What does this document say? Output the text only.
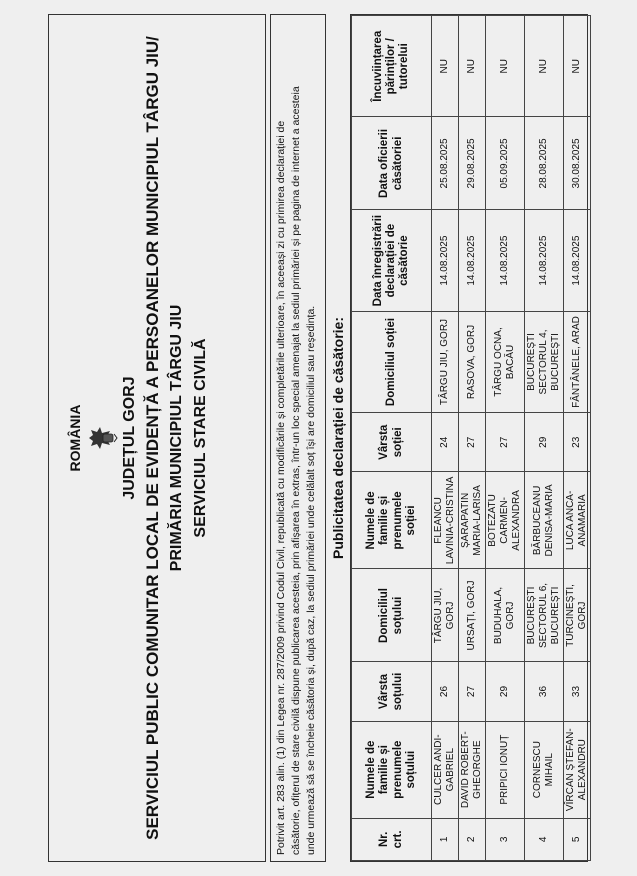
ROMÂNIA JUDEȚUL GORJ SERVICIUL PUBLIC COMUNITAR LOCAL DE EVIDENȚĂ A PERSOANELOR MUNICIPIUL TÂRGU JIU/ PRIMĂRIA MUNICIPIUL TÂRGU JIU SERVICIUL STARE CIVILĂ	Potrivit art. 283 alin. (1) din Legea nr. 287/2009 privind Codul Civil, republicată cu modificările și completările ulterioare, în aceeași zi cu primirea declarației de căsătorie, ofițerul de stare civilă dispune publicarea acesteia, prin afișarea în extras, într-un loc special amenajat la sediul primăriei și pe pagina de internet a acesteia unde urmează să se încheie căsătoria și, după caz, la sediul primăriei unde celălalt soț își are domiciliul sau reședința. Publicitatea declarației de căsătorie:
Nr. crt.	Numele de familie și prenumele soțului	Vârsta soțului	Domiciliul soțului	Numele de familie și prenumele soției	Vârsta soției	Domiciliul soției	Data înregistrării declarației de căsătorie	Data oficierii căsătoriei	Încuviințarea părinților / tutorelui
1	CULCER ANDI-GABRIEL	26	TÂRGU JIU, GORJ	FLEANCU LAVINIA-CRISTINA	24	TÂRGU JIU, GORJ	14.08.2025	25.08.2025	NU
2	DAVID ROBERT-GHEORGHE	27	URSAȚI, GORJ	ȘARAPATIN MARIA-LARISA	27	RASOVA, GORJ	14.08.2025	29.08.2025	NU
3	PRIPICI IONUȚ	29	BUDUHALA, GORJ	BOTEZATU CARMEN-ALEXANDRA	27	TÂRGU OCNA, BACĂU	14.08.2025	05.09.2025	NU
4	CORNESCU MIHAIL	36	BUCUREȘTI SECTORUL 6, BUCUREȘTI	BĂRBUCEANU DENISA-MARIA	29	BUCUREȘTI SECTORUL 4, BUCUREȘTI	14.08.2025	28.08.2025	NU
5	VÎRCAN ȘTEFAN-ALEXANDRU	33	TURCINEȘTI, GORJ	LUCA ANCA-ANAMARIA	23	FÂNTÂNELE, ARAD	14.08.2025	30.08.2025	NU
